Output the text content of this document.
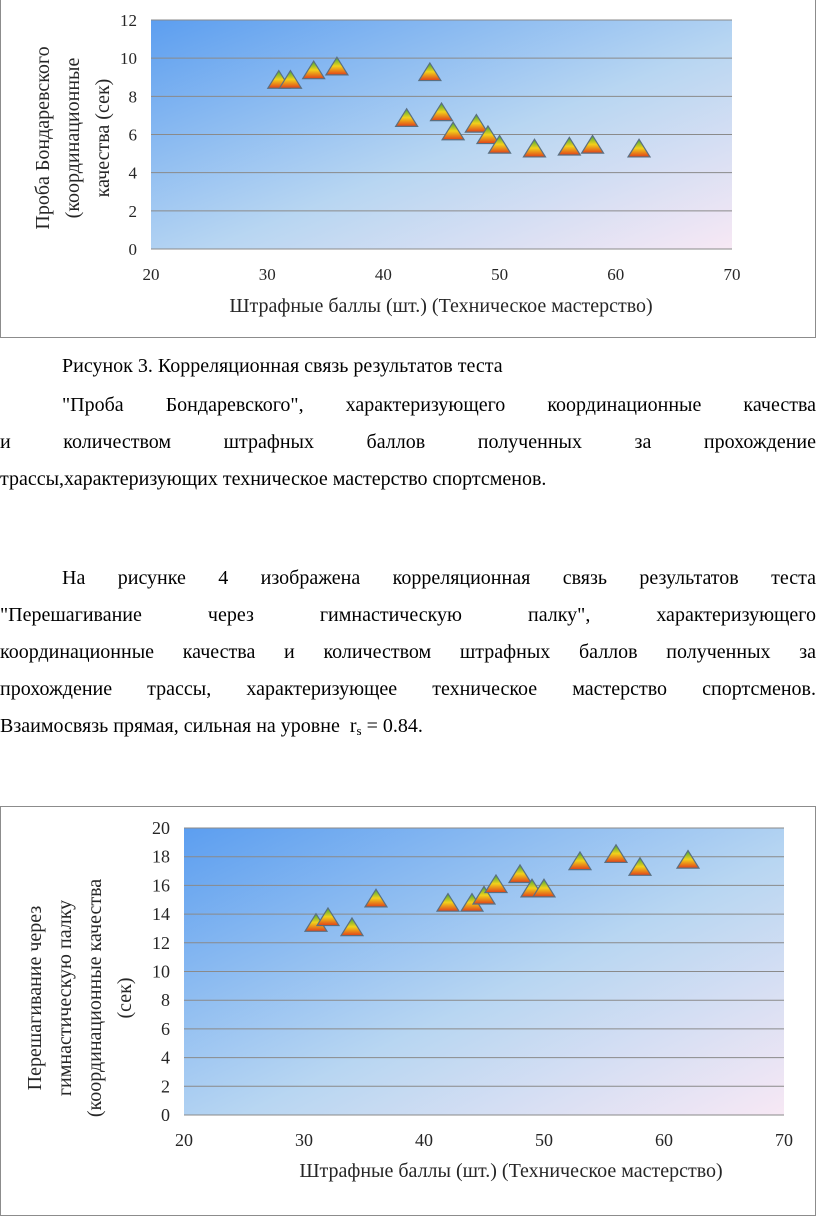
0
2
4
6
8
10
12
20	30	40	50	60	70
Штрафные баллы (шт.) (Техническое мастерство)
Проба Бондаревского (координационные качества (сек)
Рисунок 3. Корреляционная связь результатов теста
"Проба Бондаревского", характеризующего координационные качества
и количеством штрафных баллов полученных за прохождение
трассы,характеризующих техническое мастерство спортсменов.
На рисунке 4 изображена корреляционная связь результатов теста
"Перешагивание через гимнастическую палку", характеризующего
координационные качества и количеством штрафных баллов полученных за
прохождение трассы, характеризующее техническое мастерство спортсменов.
Взаимосвязь прямая, сильная на уровне $r_s = 0.84$.
0
2
4
6
8
10
12
14
16
18
20
20	30	40	50	60	70
Штрафные баллы (шт.) (Техническое мастерство)
Перешагивание через гимнастическую палку (координационные качества (сек)
